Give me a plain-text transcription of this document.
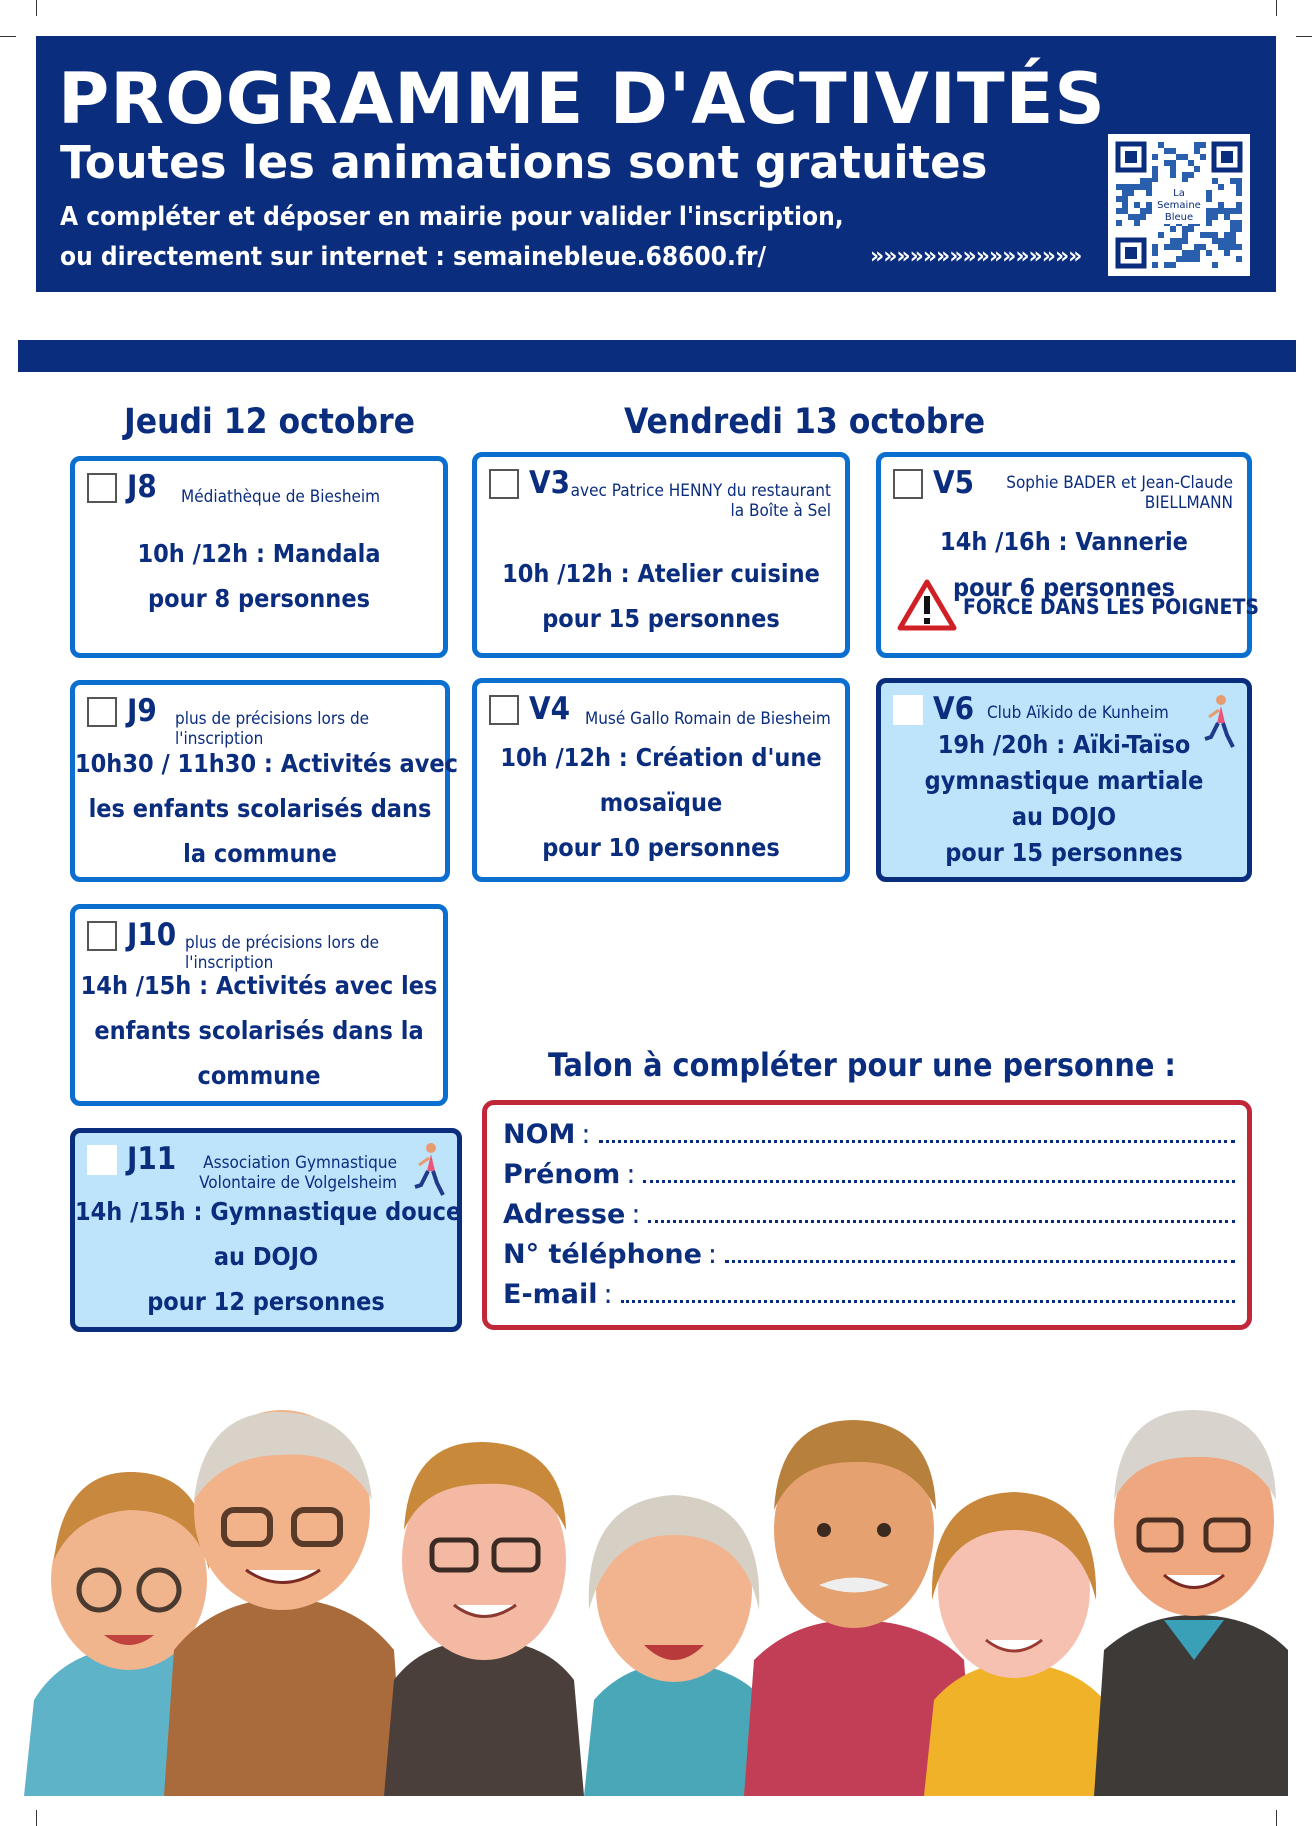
PROGRAMME D'ACTIVITÉS
Toutes les animations sont gratuites
A compléter et déposer en mairie pour valider l'inscription,
ou directement sur internet : semainebleue.68600.fr/	»»»»»»»»»»»»»»»»
La
Semaine
Bleue
Jeudi 12 octobre	Vendredi 13 octobre
J8 Médiathèque de Biesheim
10h /12h : Mandala
pour 8 personnes
V3 avec Patrice HENNY du restaurant
la Boîte à Sel
10h /12h : Atelier cuisine
pour 15 personnes
V5 Sophie BADER et Jean-Claude
BIELLMANN
14h /16h : Vannerie
pour 6 personnes
FORCE DANS LES POIGNETS
J9 plus de précisions lors de l'inscription
10h30 / 11h30 : Activités avec
les enfants scolarisés dans
la commune
V4 Musé Gallo Romain de Biesheim
10h /12h : Création d'une
mosaïque
pour 10 personnes
V6 Club Aïkido de Kunheim
19h /20h : Aïki-Taïso
gymnastique martiale
au DOJO
pour 15 personnes
J10 plus de précisions lors de l'inscription
14h /15h : Activités avec les
enfants scolarisés dans la
commune
J11 Association Gymnastique
Volontaire de Volgelsheim
14h /15h : Gymnastique douce
au DOJO
pour 12 personnes
Talon à compléter pour une personne :
NOM :
Prénom :
Adresse :
N° téléphone :
E-mail :
